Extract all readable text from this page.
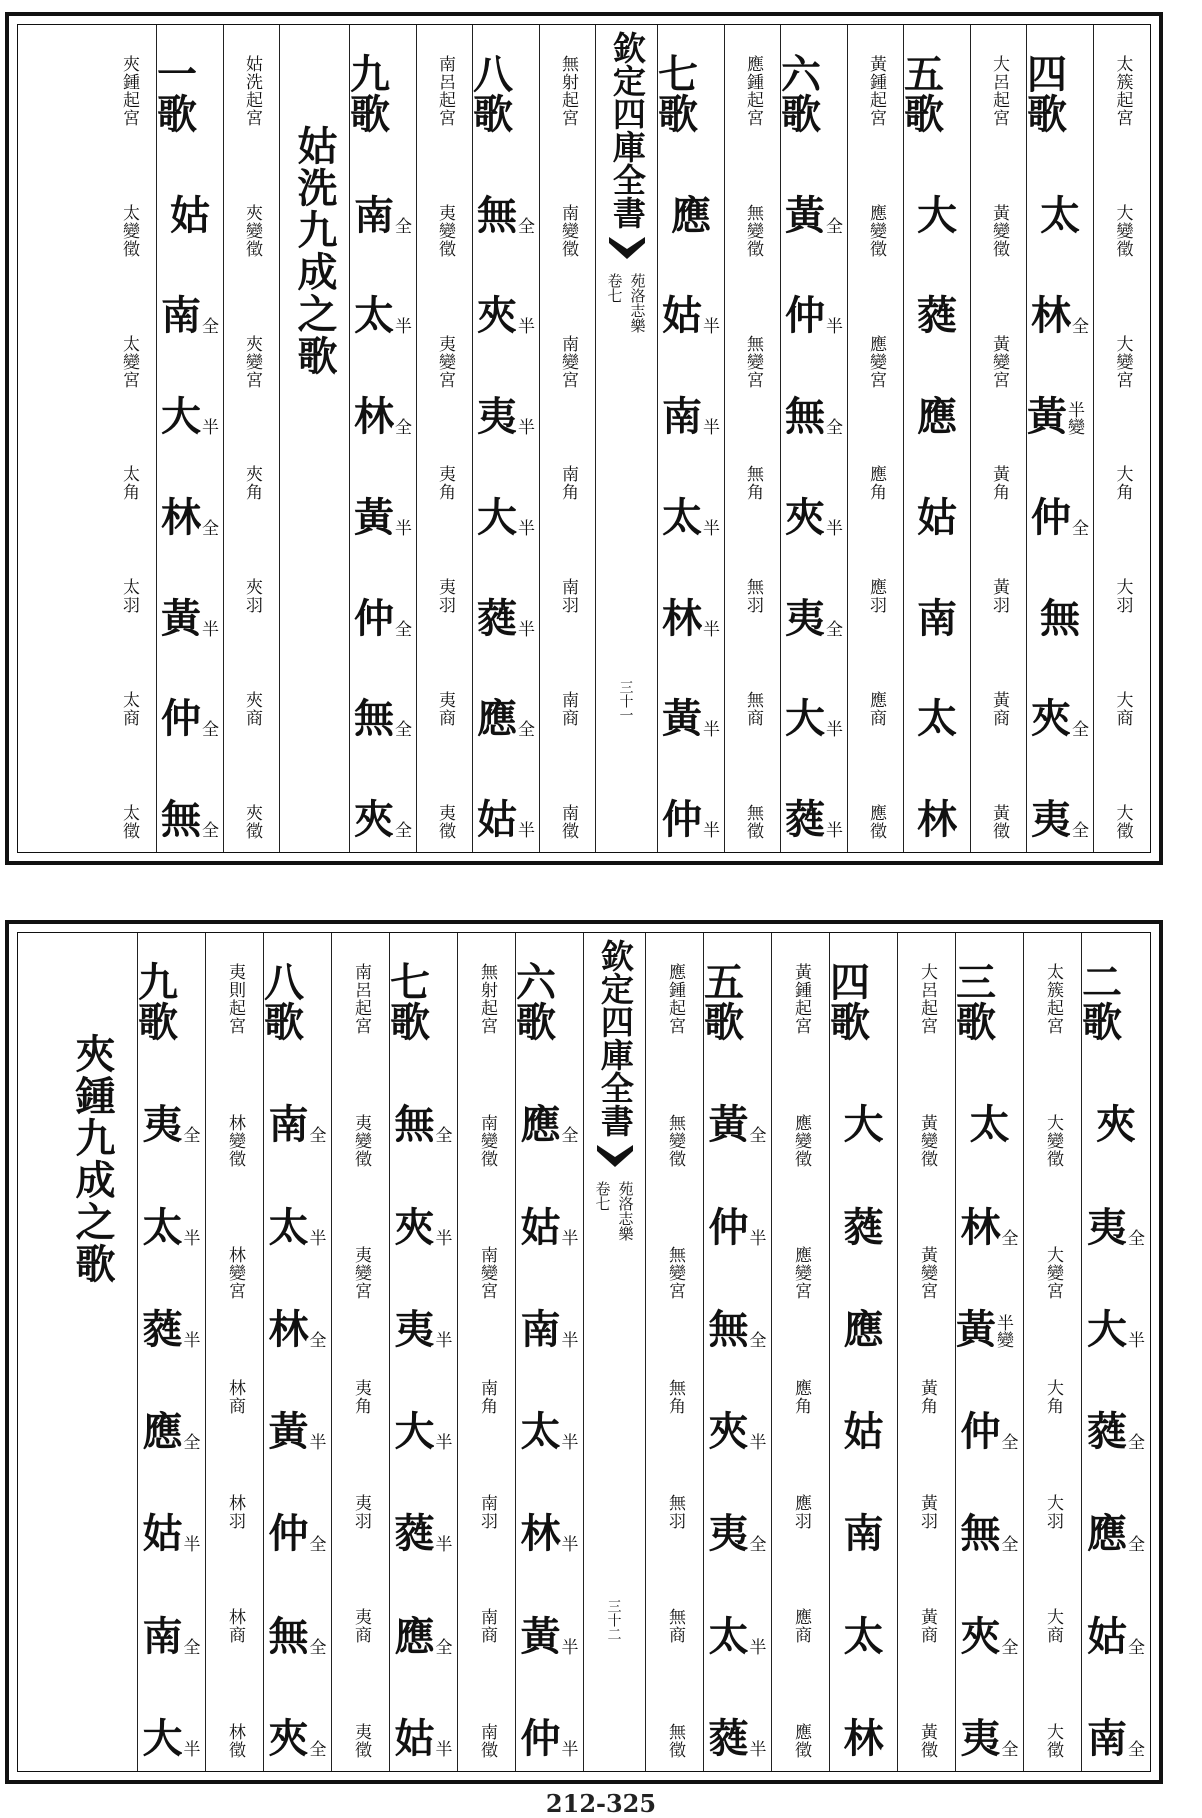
太簇起宮
大變徵
大變宮
大角
大羽
大商
大徵
四歌
太
林 全
黃 半變
仲 全
無
夾 全
夷 全
大呂起宮
黃變徵
黃變宮
黃角
黃羽
黃商
黃徵
五歌
大
蕤
應
姑
南
太
林
黃鍾起宮
應變徵
應變宮
應角
應羽
應商
應徵
六歌
黃 全
仲 半
無 全
夾 半
夷 全
大 半
蕤 半
應鍾起宮
無變徵
無變宮
無角
無羽
無商
無徵
七歌
應
姑 半
南 半
太 半
林 半
黃 半
仲 半
三十一
欽定四庫全書
苑洛志樂
卷七
無射起宮
南變徵
南變宮
南角
南羽
南商
南徵
八歌
無 全
夾 半
夷 半
大 半
蕤 半
應 全
姑 半
南呂起宮
夷變徵
夷變宮
夷角
夷羽
夷商
夷徵
九歌
南 全
太 半
林 全
黃 半
仲 全
無 全
夾 全
姑洗九成之歌
姑洗起宮
夾變徵
夾變宮
夾角
夾羽
夾商
夾徵
一歌
姑
南 全
大 半
林 全
黃 半
仲 全
無 全
夾鍾起宮
太變徵
太變宮
太角
太羽
太商
太徵
二歌
夾
夷 全
大 半
蕤 全
應 全
姑 全
南 全
太簇起宮
大變徵
大變宮
大角
大羽
大商
大徵
三歌
太
林 全
黃 半變
仲 全
無 全
夾 全
夷 全
大呂起宮
黃變徵
黃變宮
黃角
黃羽
黃商
黃徵
四歌
大
蕤
應
姑
南
太
林
黃鍾起宮
應變徵
應變宮
應角
應羽
應商
應徵
五歌
黃 全
仲 半
無 全
夾 半
夷 全
太 半
蕤 半
應鍾起宮
無變徵
無變宮
無角
無羽
無商
無徵
三十二
欽定四庫全書
苑洛志樂
卷七
六歌
應 全
姑 半
南 半
太 半
林 半
黃 半
仲 半
無射起宮
南變徵
南變宮
南角
南羽
南商
南徵
七歌
無 全
夾 半
夷 半
大 半
蕤 半
應 全
姑 半
南呂起宮
夷變徵
夷變宮
夷角
夷羽
夷商
夷徵
八歌
南 全
太 半
林 全
黃 半
仲 全
無 全
夾 全
夷則起宮
林變徵
林變宮
林商
林羽
林商
林徵
九歌
夷 全
太 半
蕤 半
應 全
姑 半
南 全
大 半
夾鍾九成之歌
212-325
